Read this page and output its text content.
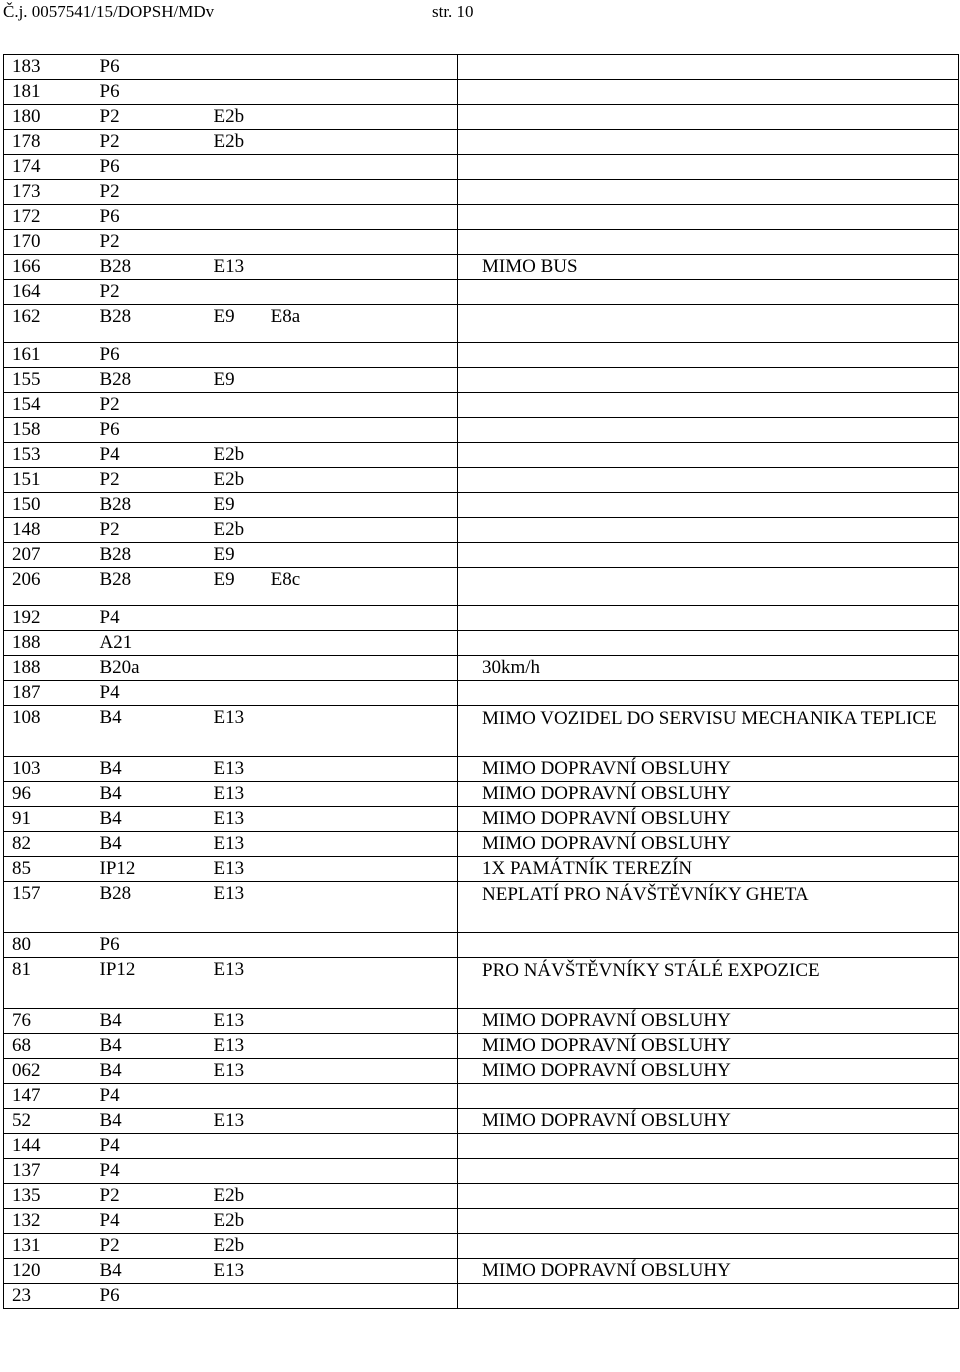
Č.j. 0057541/15/DOPSH/MDv	str. 10
183	P6		
181	P6		
180	P2	E2b	
178	P2	E2b	
174	P6		
173	P2		
172	P6		
170	P2		
166	B28	E13	MIMO BUS
164	P2		
162	B28	E9 E8a	
161	P6		
155	B28	E9	
154	P2		
158	P6		
153	P4	E2b	
151	P2	E2b	
150	B28	E9	
148	P2	E2b	
207	B28	E9	
206	B28	E9 E8c	
192	P4		
188	A21		
188	B20a		30km/h
187	P4		
108	B4	E13	MIMO VOZIDEL DO SERVISU MECHANIKA TEPLICE
103	B4	E13	MIMO DOPRAVNÍ OBSLUHY
96	B4	E13	MIMO DOPRAVNÍ OBSLUHY
91	B4	E13	MIMO DOPRAVNÍ OBSLUHY
82	B4	E13	MIMO DOPRAVNÍ OBSLUHY
85	IP12	E13	1X PAMÁTNÍK TEREZÍN
157	B28	E13	NEPLATÍ PRO NÁVŠTĚVNÍKY GHETA
80	P6		
81	IP12	E13	PRO NÁVŠTĚVNÍKY STÁLÉ EXPOZICE
76	B4	E13	MIMO DOPRAVNÍ OBSLUHY
68	B4	E13	MIMO DOPRAVNÍ OBSLUHY
062	B4	E13	MIMO DOPRAVNÍ OBSLUHY
147	P4		
52	B4	E13	MIMO DOPRAVNÍ OBSLUHY
144	P4		
137	P4		
135	P2	E2b	
132	P4	E2b	
131	P2	E2b	
120	B4	E13	MIMO DOPRAVNÍ OBSLUHY
23	P6		
